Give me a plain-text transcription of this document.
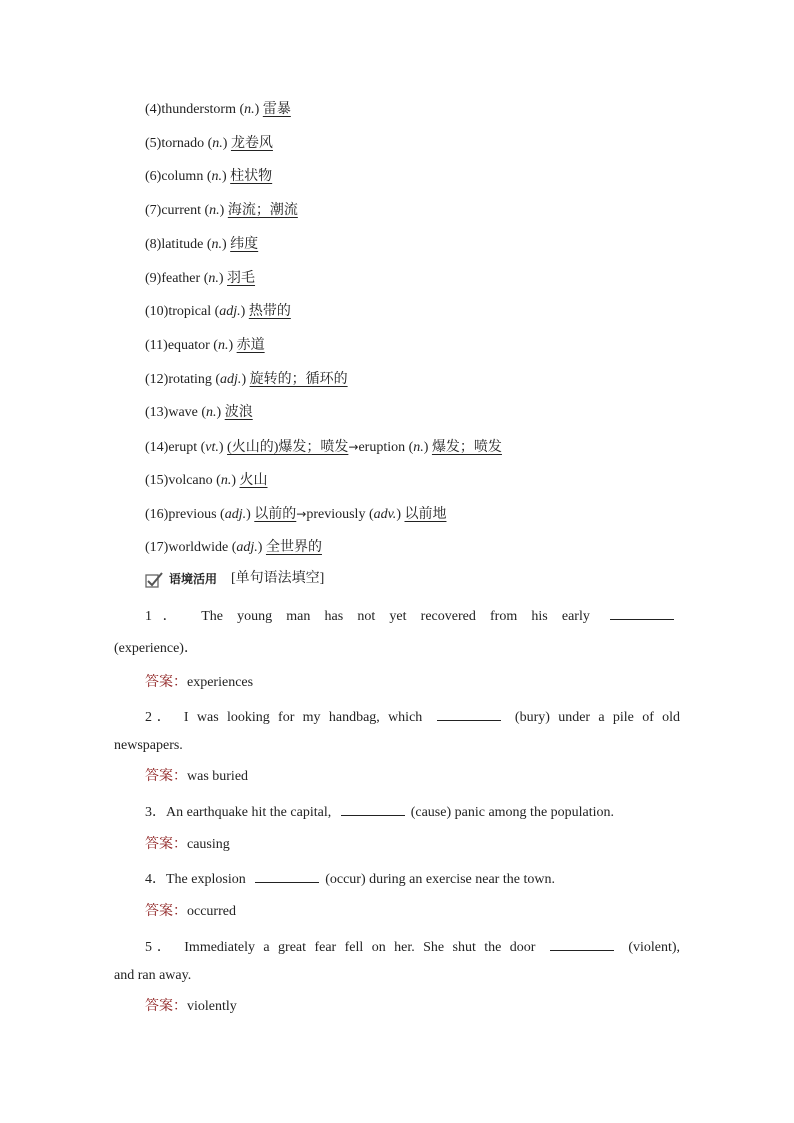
(4)thunderstorm (n.) 雷暴
(5)tornado (n.) 龙卷风
(6)column (n.) 柱状物
(7)current (n.) 海流；潮流
(8)latitude (n.) 纬度
(9)feather (n.) 羽毛
(10)tropical (adj.) 热带的
(11)equator (n.) 赤道
(12)rotating (adj.) 旋转的；循环的
(13)wave (n.) 波浪
(14)erupt (vt.) (火山的)爆发；喷发→eruption (n.) 爆发；喷发
(15)volcano (n.) 火山
(16)previous (adj.) 以前的→previously (adv.) 以前地
(17)worldwide (adj.) 全世界的
语境活用 [单句语法填空]
1． The young man has not yet recovered from his early
(experience)．
答案：experiences
2． I was looking for my handbag, which	(bury) under a pile of old
newspapers.
答案：was buried
3．An earthquake hit the capital,	(cause) panic among the population.
答案：causing
4．The explosion	(occur) during an exercise near the town.
答案：occurred
5． Immediately a great fear fell on her. She shut the door	(violent),
and ran away.
答案：violently
